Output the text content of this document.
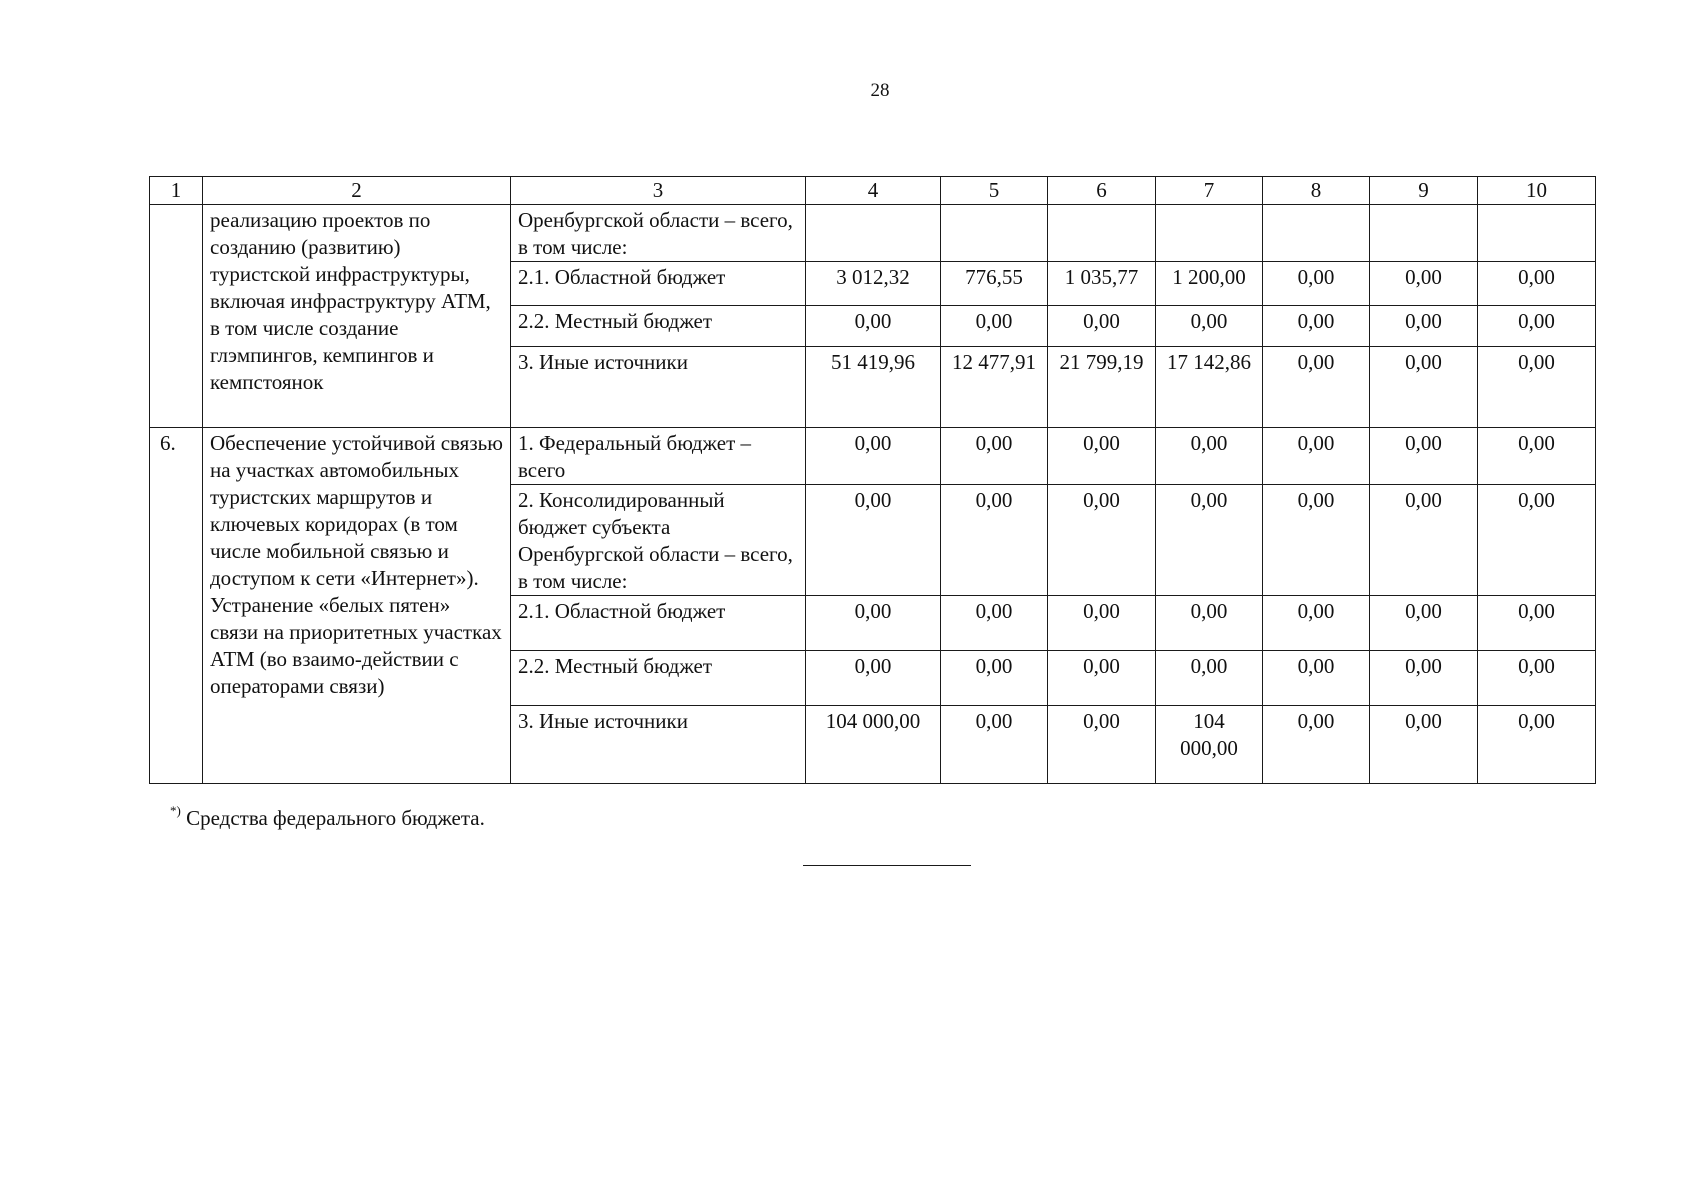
28
1	2	3	4	5	6	7	8	9	10
	реализацию проектов по созданию (развитию) туристской инфраструктуры, включая инфраструктуру АТМ, в том числе создание глэмпингов, кемпингов и кемпстоянок	Оренбургской области – всего, в том числе:							
		2.1. Областной бюджет	3 012,32	776,55	1 035,77	1 200,00	0,00	0,00	0,00
		2.2. Местный бюджет	0,00	0,00	0,00	0,00	0,00	0,00	0,00
		3. Иные источники	51 419,96	12 477,91	21 799,19	17 142,86	0,00	0,00	0,00
6.	Обеспечение устойчивой связью на участках автомобильных туристских маршрутов и ключевых коридорах (в том числе мобильной связью и доступом к сети «Интернет»). Устранение «белых пятен» связи на приоритетных участках АТМ (во взаимо-действии с операторами связи)	1. Федеральный бюджет – всего	0,00	0,00	0,00	0,00	0,00	0,00	0,00
		2. Консолидированный бюджет субъекта Оренбургской области – всего, в том числе:	0,00	0,00	0,00	0,00	0,00	0,00	0,00
		2.1. Областной бюджет	0,00	0,00	0,00	0,00	0,00	0,00	0,00
		2.2. Местный бюджет	0,00	0,00	0,00	0,00	0,00	0,00	0,00
		3. Иные источники	104 000,00	0,00	0,00	104 000,00	0,00	0,00	0,00
*) Средства федерального бюджета.
